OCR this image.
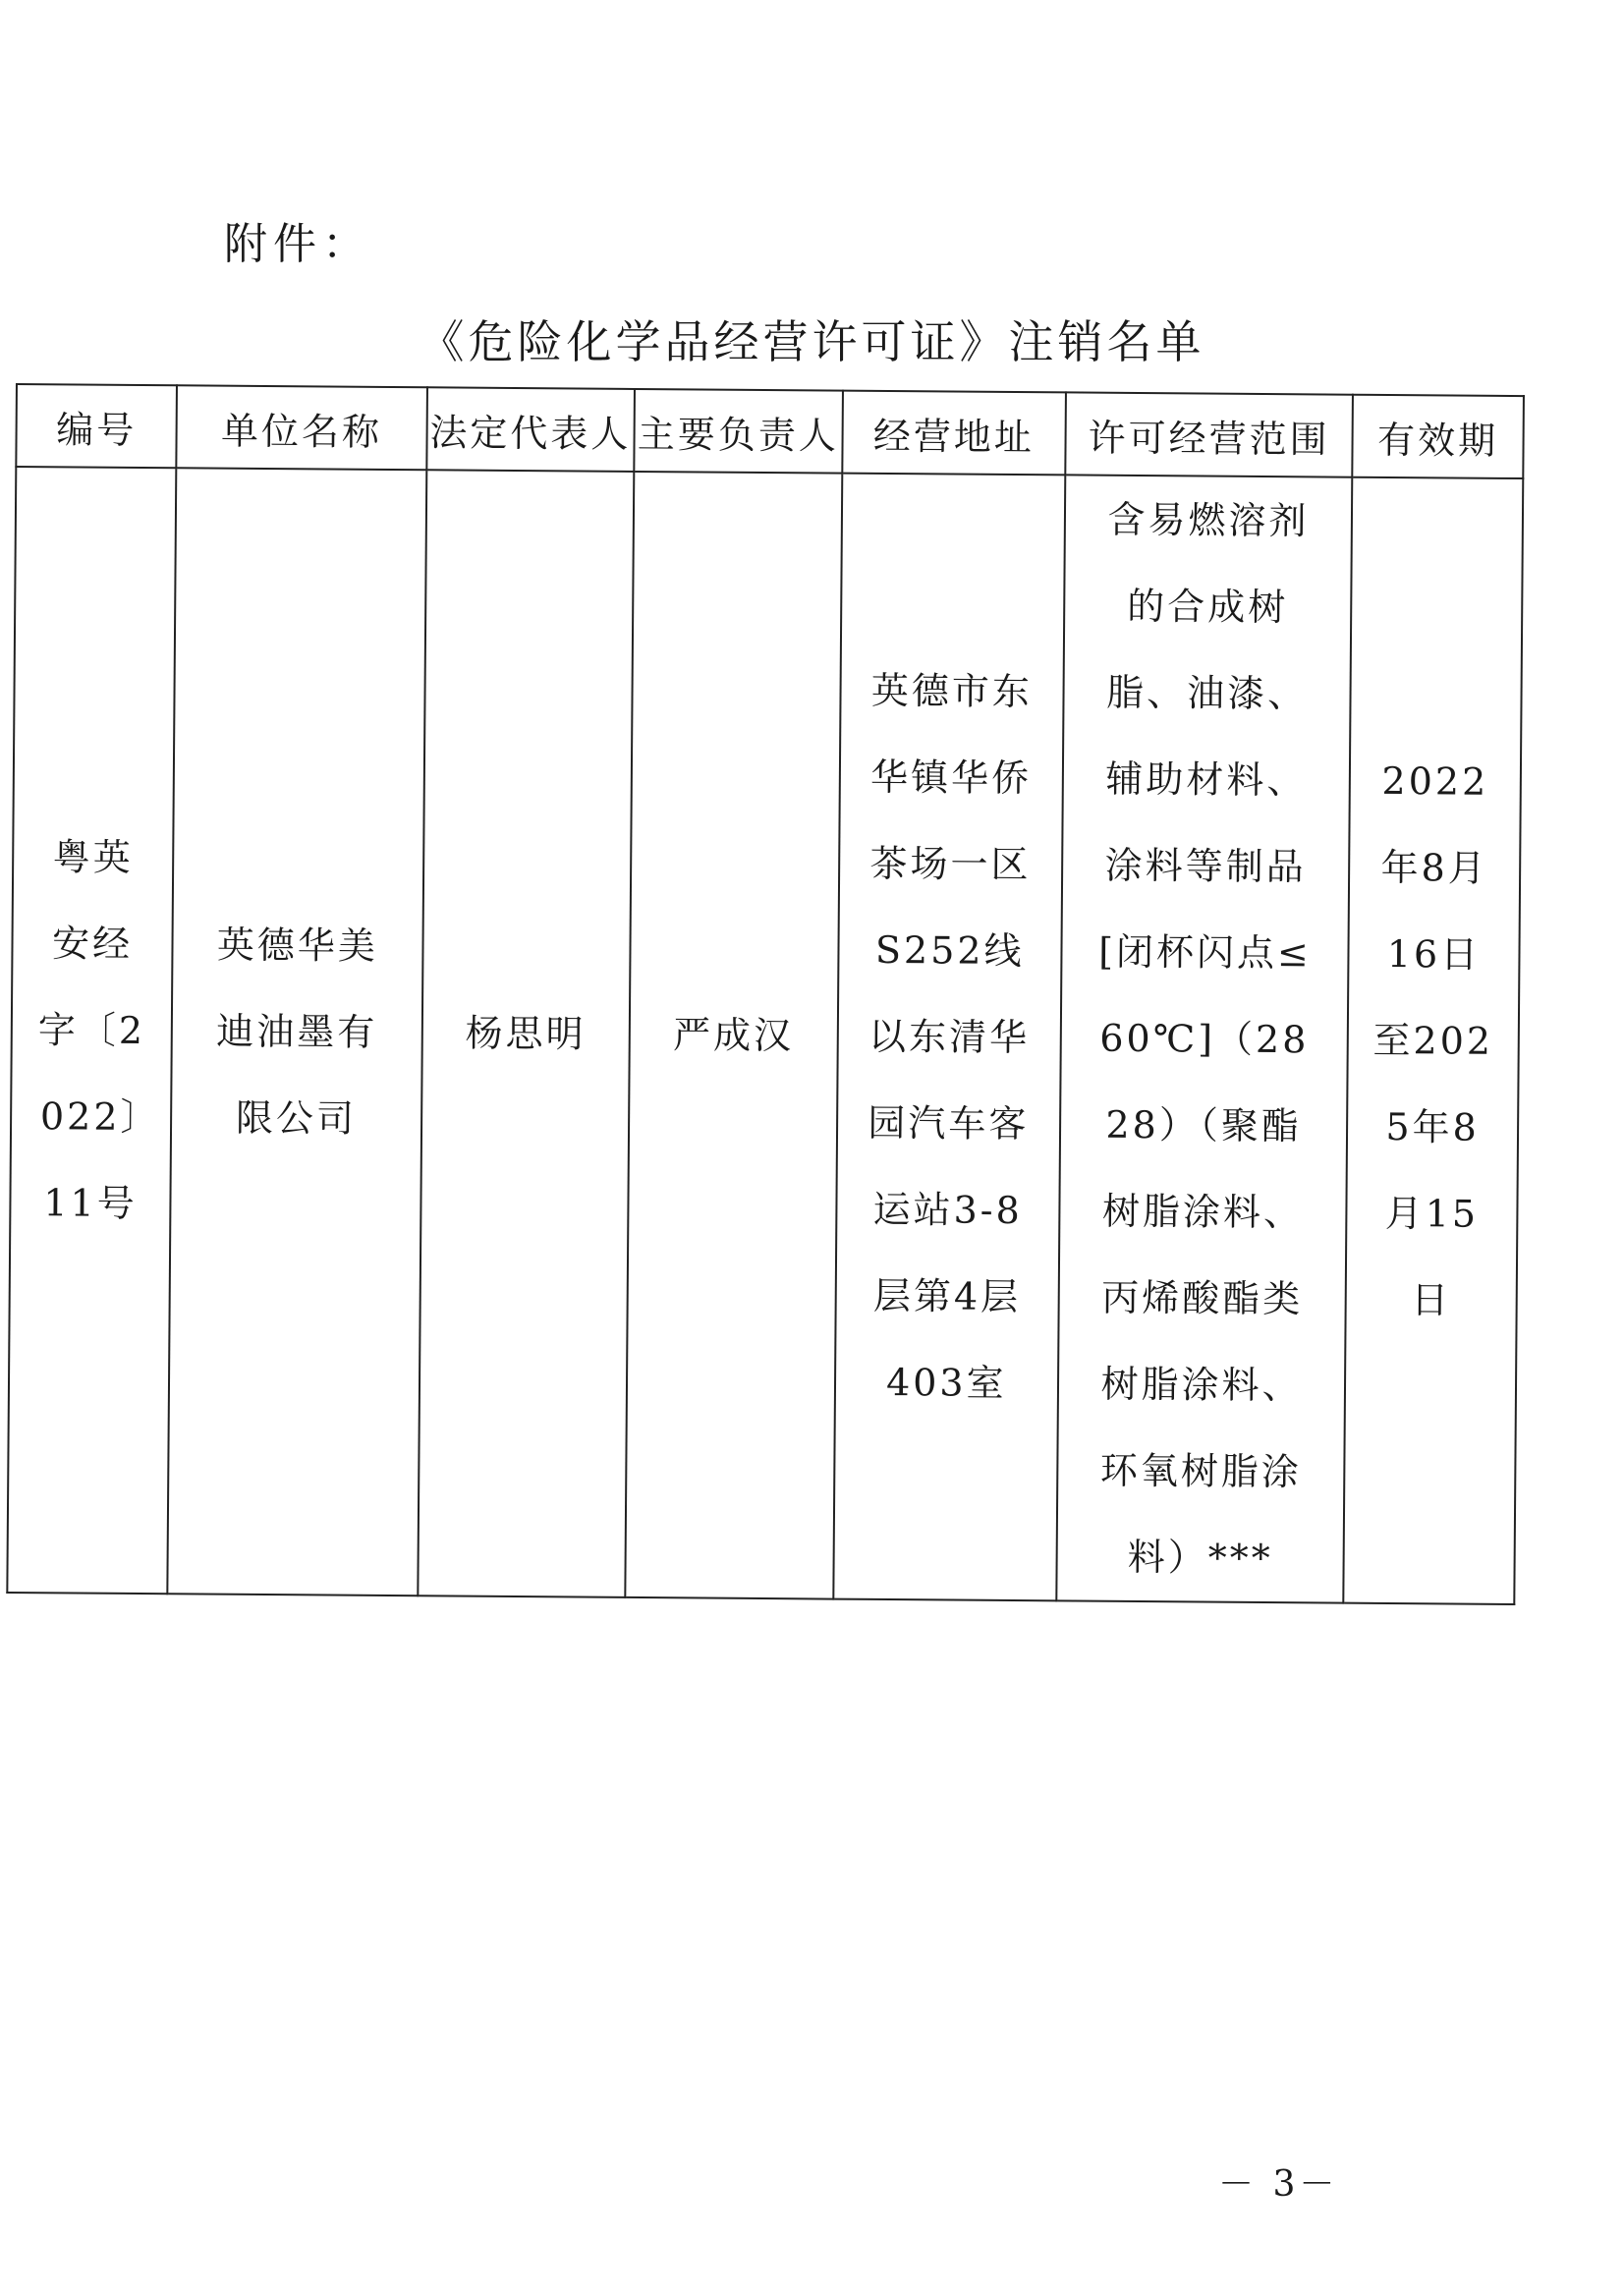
附件：
《危险化学品经营许可证》注销名单
编号	单位名称	法定代表人	主要负责人	经营地址	许可经营范围	有效期

粤英安经字〔2022〕11号	英德华美迪油墨有限公司	杨思明	严成汉	英德市东华镇华侨茶场一区S252线以东清华园汽车客运站3-8层第4层403室	含易燃溶剂的合成树脂、油漆、辅助材料、涂料等制品[闭杯闪点≤60℃]（2828）（聚酯树脂涂料、丙烯酸酯类树脂涂料、环氧树脂涂料）***	2022年8月16日至2025年8月15日
－ 3－
